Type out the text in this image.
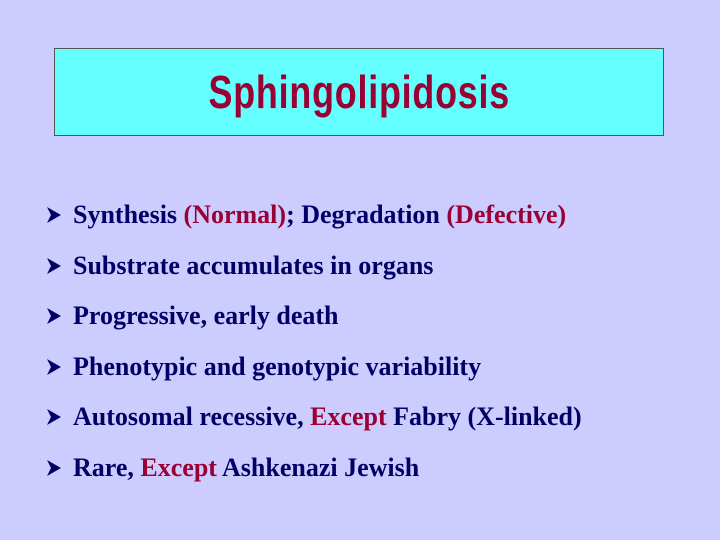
Sphingolipidosis
Synthesis (Normal); Degradation (Defective)
Substrate accumulates in organs
Progressive, early death
Phenotypic and genotypic variability
Autosomal recessive, Except Fabry (X-linked)
Rare, Except Ashkenazi Jewish
